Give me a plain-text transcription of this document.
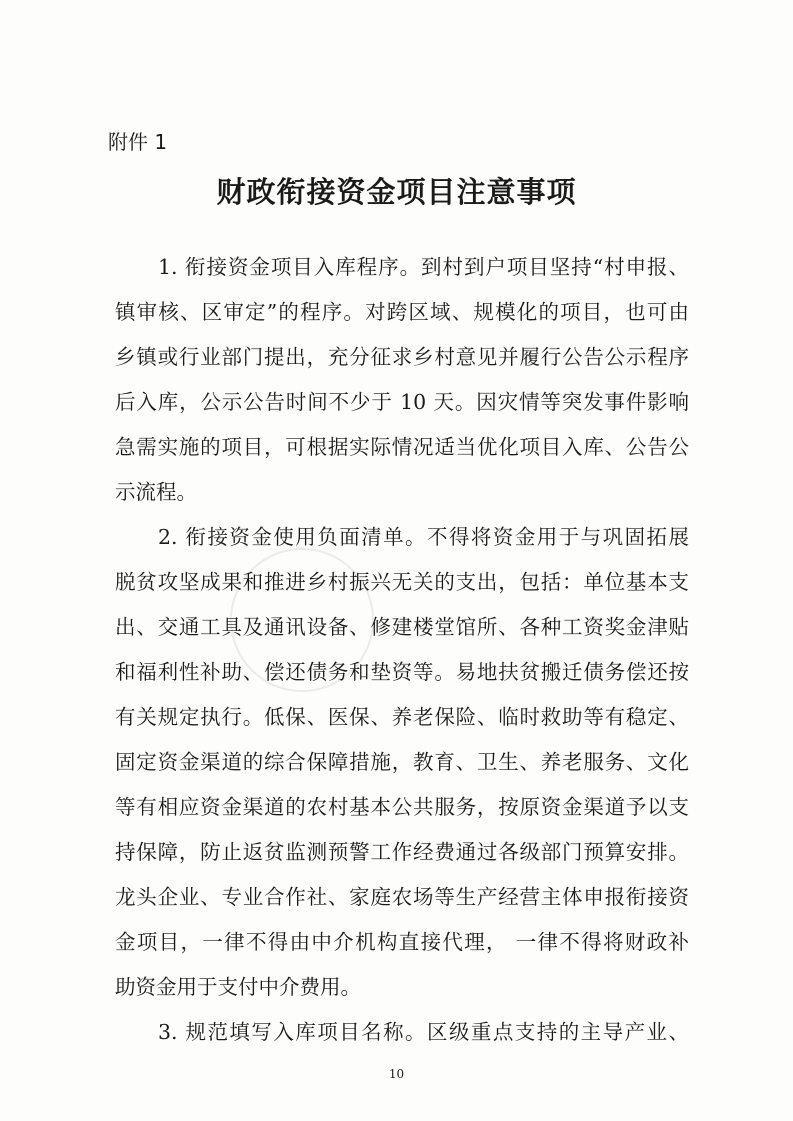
附件 1
财政衔接资金项目注意事项
1. 衔接资金项目入库程序。到村到户项目坚持“村申报、
镇审核、区审定”的程序。对跨区域、规模化的项目，也可由
乡镇或行业部门提出，充分征求乡村意见并履行公告公示程序
后入库，公示公告时间不少于 10 天。因灾情等突发事件影响
急需实施的项目，可根据实际情况适当优化项目入库、公告公
示流程。
2. 衔接资金使用负面清单。不得将资金用于与巩固拓展
脱贫攻坚成果和推进乡村振兴无关的支出，包括：单位基本支
出、交通工具及通讯设备、修建楼堂馆所、各种工资奖金津贴
和福利性补助、偿还债务和垫资等。易地扶贫搬迁债务偿还按
有关规定执行。低保、医保、养老保险、临时救助等有稳定、
固定资金渠道的综合保障措施，教育、卫生、养老服务、文化
等有相应资金渠道的农村基本公共服务，按原资金渠道予以支
持保障，防止返贫监测预警工作经费通过各级部门预算安排。
龙头企业、专业合作社、家庭农场等生产经营主体申报衔接资
金项目，一律不得由中介机构直接代理， 一律不得将财政补
助资金用于支付中介费用。
3. 规范填写入库项目名称。区级重点支持的主导产业、
10
